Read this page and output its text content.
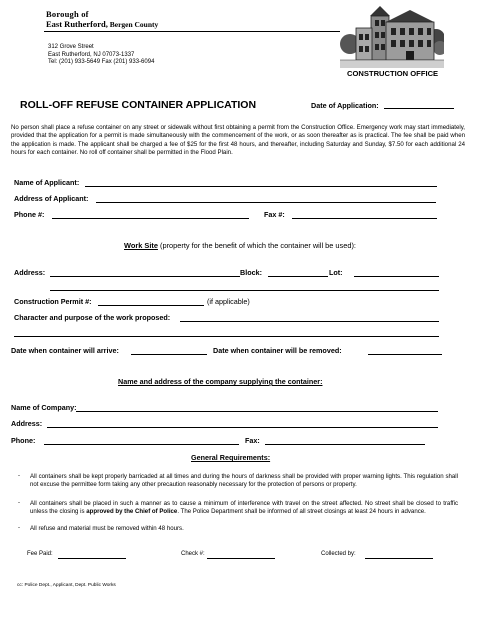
Borough of
East Rutherford, Bergen County
312 Grove Street
East Rutherford, NJ 07073-1337
Tel: (201) 933-5649 Fax (201) 933-6094
CONSTRUCTION OFFICE
ROLL-OFF REFUSE CONTAINER APPLICATION	Date of Application:
No person shall place a refuse container on any street or sidewalk without first obtaining a permit from the Construction Office. Emergency work may start immediately, provided that the application for a permit is made simultaneously with the commencement of the work, or as soon thereafter as is practical. The fee shall be paid when the application is made. The applicant shall be charged a fee of $25 for the first 48 hours, and thereafter, including Saturday and Sunday, $7.50 for each additional 24 hours for each container. No roll off container shall be permitted in the Flood Plain.
Name of Applicant:
Address of Applicant:
Phone #:	Fax #:
Work Site (property for the benefit of which the container will be used):
Address:	Block:	Lot:
Construction Permit #:	(if applicable)
Character and purpose of the work proposed:
Date when container will arrive:	Date when container will be removed:
Name and address of the company supplying the container:
Name of Company:
Address:
Phone:	Fax:
General Requirements:
- All containers shall be kept properly barricaded at all times and during the hours of darkness shall be provided with proper warning lights. This regulation shall not excuse the permittee form taking any other precaution reasonably necessary for the protection of persons or property.
- All containers shall be placed in such a manner as to cause a minimum of interference with travel on the street affected. No street shall be closed to traffic unless the closing is approved by the Chief of Police. The Police Department shall be informed of all street closings at least 24 hours in advance.
- All refuse and material must be removed within 48 hours.
Fee Paid:	Check #:	Collected by:
cc: Police Dept., Applicant, Dept. Public Works
